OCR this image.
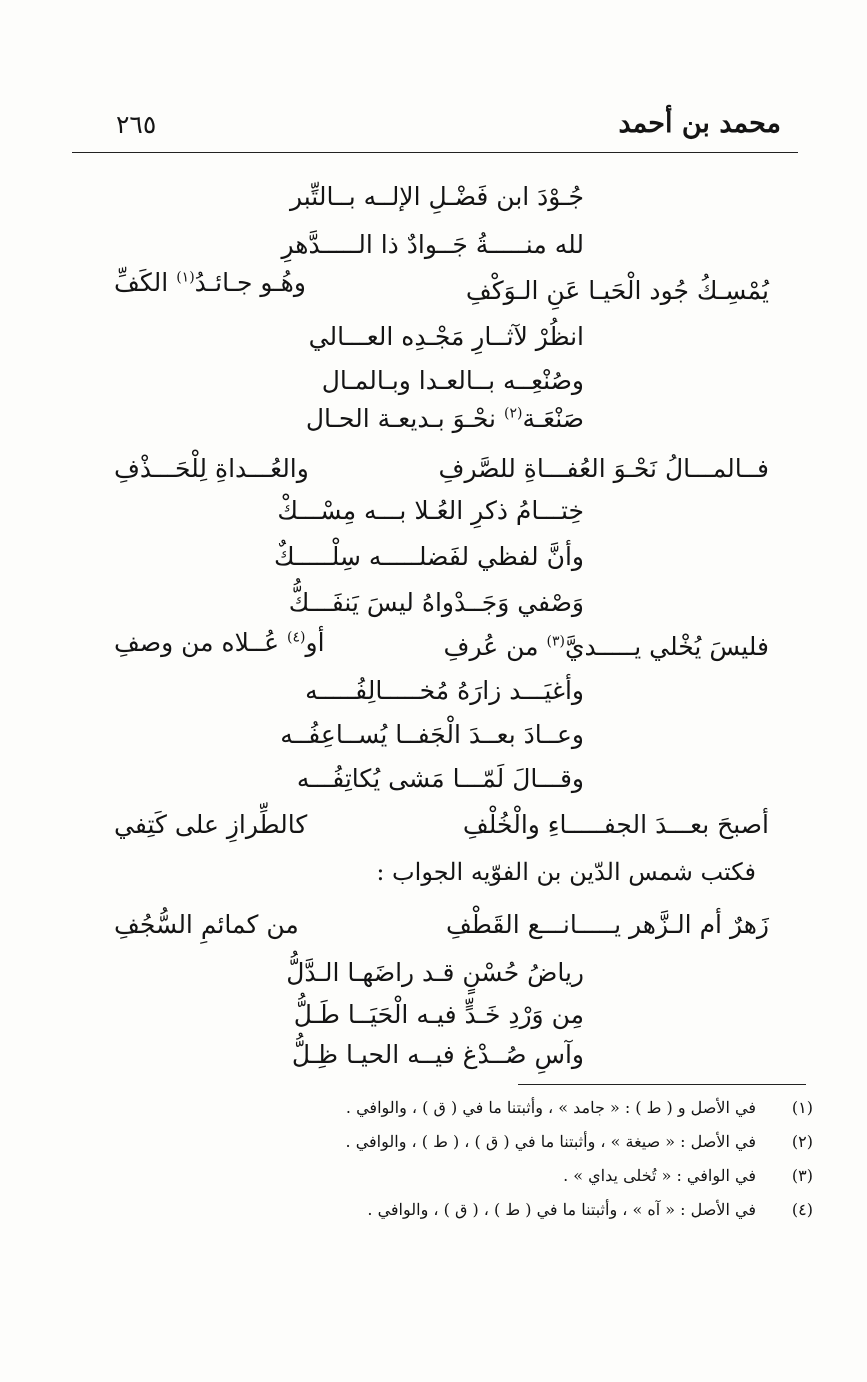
محمد بن أحمد
٢٦٥
جُـوْدَ ابن فَضْـلِ الإلــه بــالتِّبر
لله منـــــةُ جَــوادٌ ذا الـــــدَّهرِ
يُمْسِـكُ جُود الْحَيـا عَنِ الـوَكْفِ
وهُـو جـائـدُ$^{(١)}$ الكَفِّ
انظُرْ لآثــارِ مَجْـدِه العـــالي
وصُنْعِــه بــالعـدا وبـالمـال
صَنْعَـة$^{(٢)}$ نحْـوَ بـديعـة الحـال
فــالمـــالُ نَحْـوَ العُفـــاةِ للصَّرفِ
والعُـــداةِ لِلْحَـــذْفِ
خِتـــامُ ذكرِ العُـلا بـــه مِسْـــكْ
وأنَّ لفظي لفَضلـــــه سِلْـــــكٌ
وَصْفي وَجَــدْواهُ ليسَ يَنفَـــكُّ
فليسَ يُخْلي يـــــديَّ$^{(٣)}$ من عُرفِ
أو$^{(٤)}$ عُــلاه من وصفِ
وأغيَـــد زارَهُ مُخـــــالِفُـــــه
وعــادَ بعــدَ الْجَفــا يُســاعِفُــه
وقـــالَ لَمّـــا مَشى يُكاتِفُـــه
أصبحَ بعـــدَ الجفـــــاءِ والْخُلْفِ
كالطِّرازِ على كَتِفي
فكتب شمس الدّين بن الفوّيه الجواب :
زَهرٌ أم الـزَّهر يـــــانـــع القَطْفِ
من كمائمِ السُّجُفِ
رياضُ حُسْنٍ قـد راضَهـا الـدَّلُّ
مِن وَرْدِ خَـدٍّ فيـه الْحَيَــا طَـلُّ
وآسِ صُــدْغ فيــه الحيـا ظِـلُّ
(١)
في الأصل و ( ط ) : « جامد » ، وأثبتنا ما في ( ق ) ، والوافي .
(٢)
في الأصل : « صيغة » ، وأثبتنا ما في ( ق ) ، ( ط ) ، والوافي .
(٣)
في الوافي : « تُخلى يداي » .
(٤)
في الأصل : « آه » ، وأثبتنا ما في ( ط ) ، ( ق ) ، والوافي .
